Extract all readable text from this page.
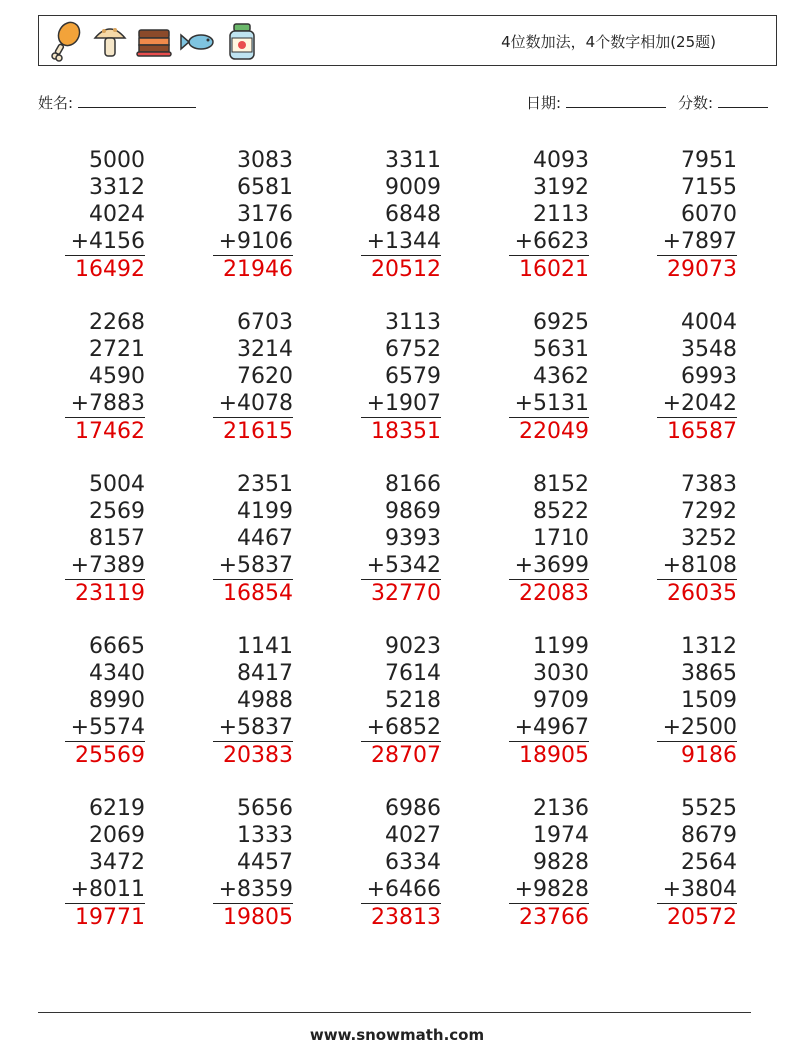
4位数加法，4个数字相加(25题)
姓名:	日期:	分数:
5000
3312
4024
+4156
16492
3083
6581
3176
+9106
21946
3311
9009
6848
+1344
20512
4093
3192
2113
+6623
16021
7951
7155
6070
+7897
29073
2268
2721
4590
+7883
17462
6703
3214
7620
+4078
21615
3113
6752
6579
+1907
18351
6925
5631
4362
+5131
22049
4004
3548
6993
+2042
16587
5004
2569
8157
+7389
23119
2351
4199
4467
+5837
16854
8166
9869
9393
+5342
32770
8152
8522
1710
+3699
22083
7383
7292
3252
+8108
26035
6665
4340
8990
+5574
25569
1141
8417
4988
+5837
20383
9023
7614
5218
+6852
28707
1199
3030
9709
+4967
18905
1312
3865
1509
+2500
9186
6219
2069
3472
+8011
19771
5656
1333
4457
+8359
19805
6986
4027
6334
+6466
23813
2136
1974
9828
+9828
23766
5525
8679
2564
+3804
20572
www.snowmath.com
